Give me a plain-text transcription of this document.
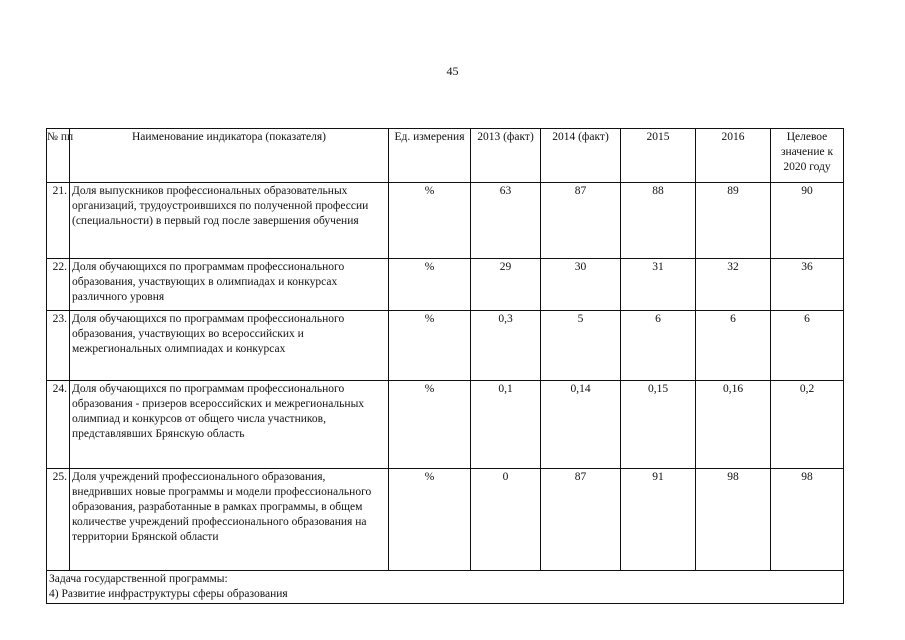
45
№ пп	Наименование индикатора (показателя)	Ед. измерения	2013 (факт)	2014 (факт)	2015	2016	Целевое значение к 2020 году
21.	Доля выпускников профессиональных образовательных организаций, трудоустроившихся по полученной профессии (специальности) в первый год после завершения обучения	%	63	87	88	89	90
22.	Доля обучающихся по программам профессионального образования, участвующих в олимпиадах и конкурсах различного уровня	%	29	30	31	32	36
23.	Доля обучающихся по программам профессионального образования, участвующих во всероссийских и межрегиональных олимпиадах и конкурсах	%	0,3	5	6	6	6
24.	Доля обучающихся по программам профессионального образования - призеров всероссийских и межрегиональных олимпиад и конкурсов от общего числа участников, представлявших Брянскую область	%	0,1	0,14	0,15	0,16	0,2
25.	Доля учреждений профессионального образования, внедривших новые программы и модели профессионального образования, разработанные в рамках программы, в общем количестве учреждений профессионального образования на территории Брянской области	%	0	87	91	98	98

Задача государственной программы:
4) Развитие инфраструктуры сферы образования							
